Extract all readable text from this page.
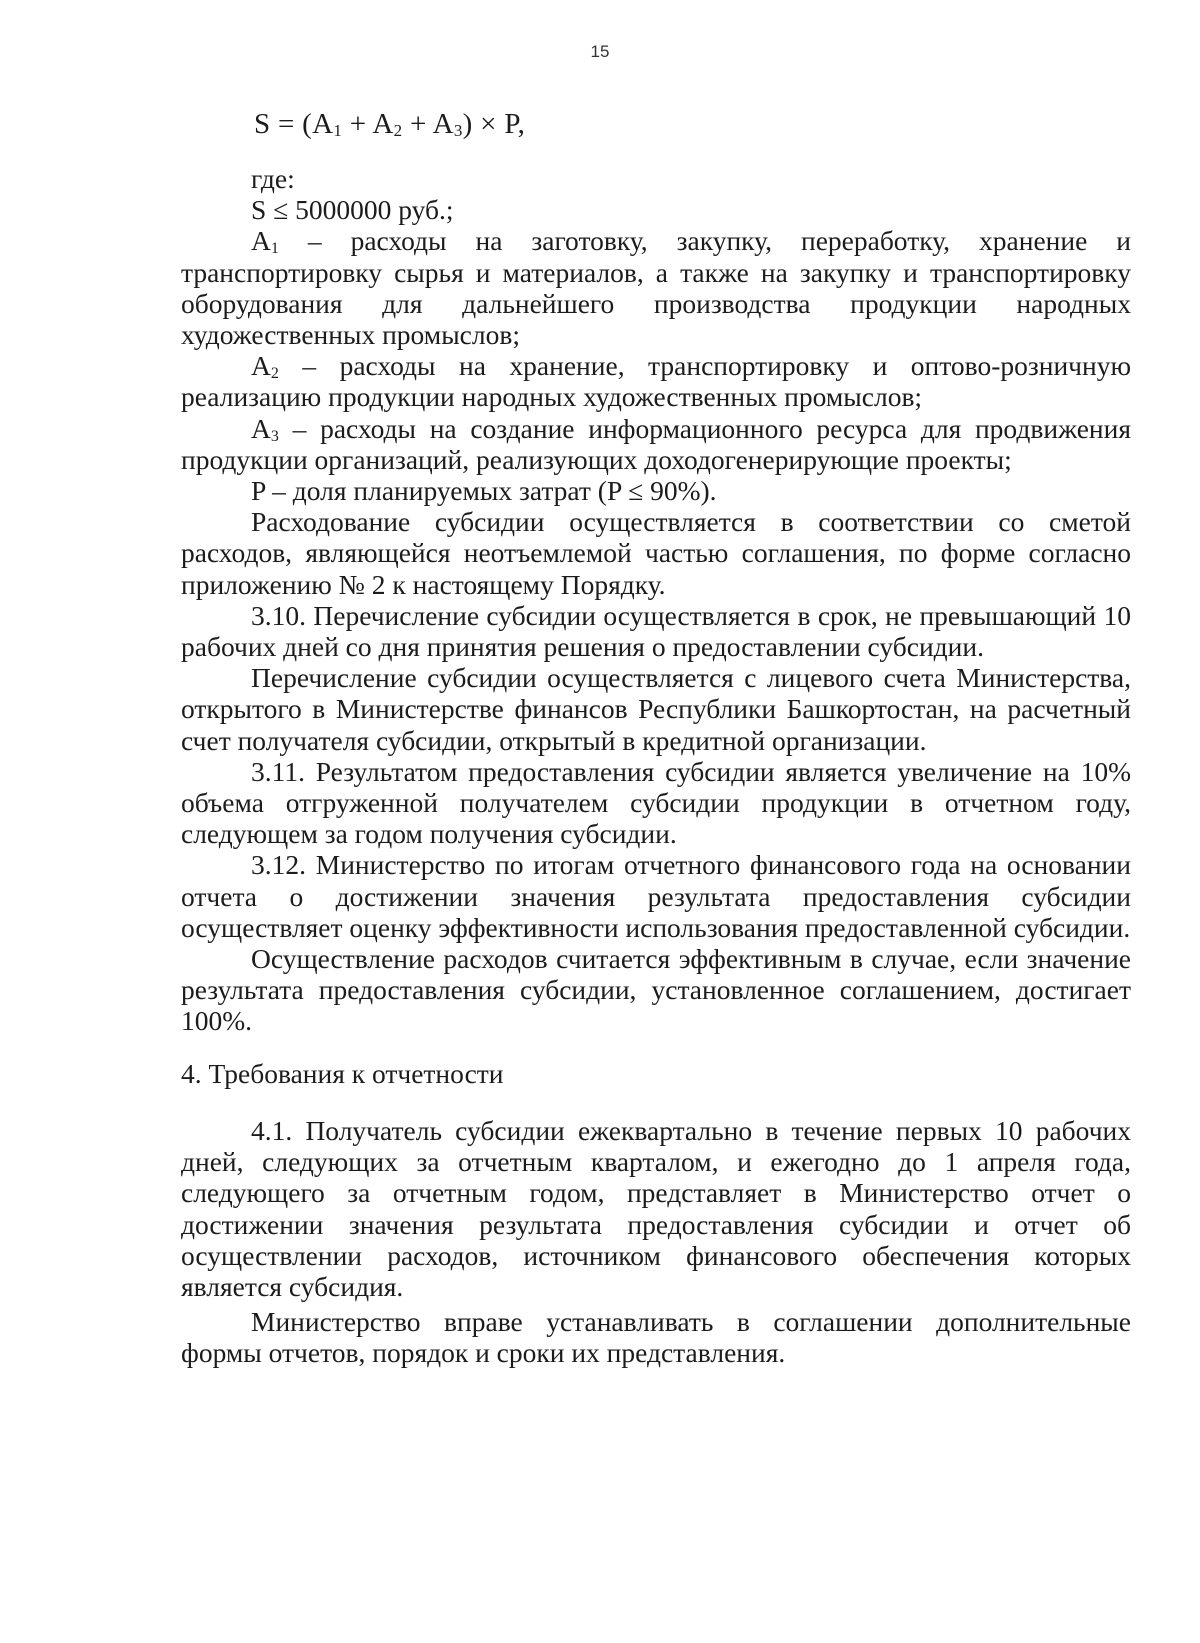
15
$S = (A_1 + A_2 + A_3) \times P$,

где:

S ≤ 5000000 руб.;

$A_1$ – расходы на заготовку, закупку, переработку, хранение и транспортировку сырья и материалов, а также на закупку и транспортировку оборудования для дальнейшего производства продукции народных художественных промыслов;

$A_2$ – расходы на хранение, транспортировку и оптово-розничную реализацию продукции народных художественных промыслов;

$A_3$ – расходы на создание информационного ресурса для продвижения продукции организаций, реализующих доходогенерирующие проекты;

P – доля планируемых затрат (P ≤ 90%).

Расходование субсидии осуществляется в соответствии со сметой расходов, являющейся неотъемлемой частью соглашения, по форме согласно приложению № 2 к настоящему Порядку.

3.10. Перечисление субсидии осуществляется в срок, не превышающий 10 рабочих дней со дня принятия решения о предоставлении субсидии.

Перечисление субсидии осуществляется с лицевого счета Министерства, открытого в Министерстве финансов Республики Башкортостан, на расчетный счет получателя субсидии, открытый в кредитной организации.

3.11. Результатом предоставления субсидии является увеличение на 10% объема отгруженной получателем субсидии продукции в отчетном году, следующем за годом получения субсидии.

3.12. Министерство по итогам отчетного финансового года на основании отчета о достижении значения результата предоставления субсидии осуществляет оценку эффективности использования предоставленной субсидии.

Осуществление расходов считается эффективным в случае, если значение результата предоставления субсидии, установленное соглашением, достигает 100%.

4. Требования к отчетности

4.1. Получатель субсидии ежеквартально в течение первых 10 рабочих дней, следующих за отчетным кварталом, и ежегодно до 1 апреля года, следующего за отчетным годом, представляет в Министерство отчет о достижении значения результата предоставления субсидии и отчет об осуществлении расходов, источником финансового обеспечения которых является субсидия.

Министерство вправе устанавливать в соглашении дополнительные формы отчетов, порядок и сроки их представления.
